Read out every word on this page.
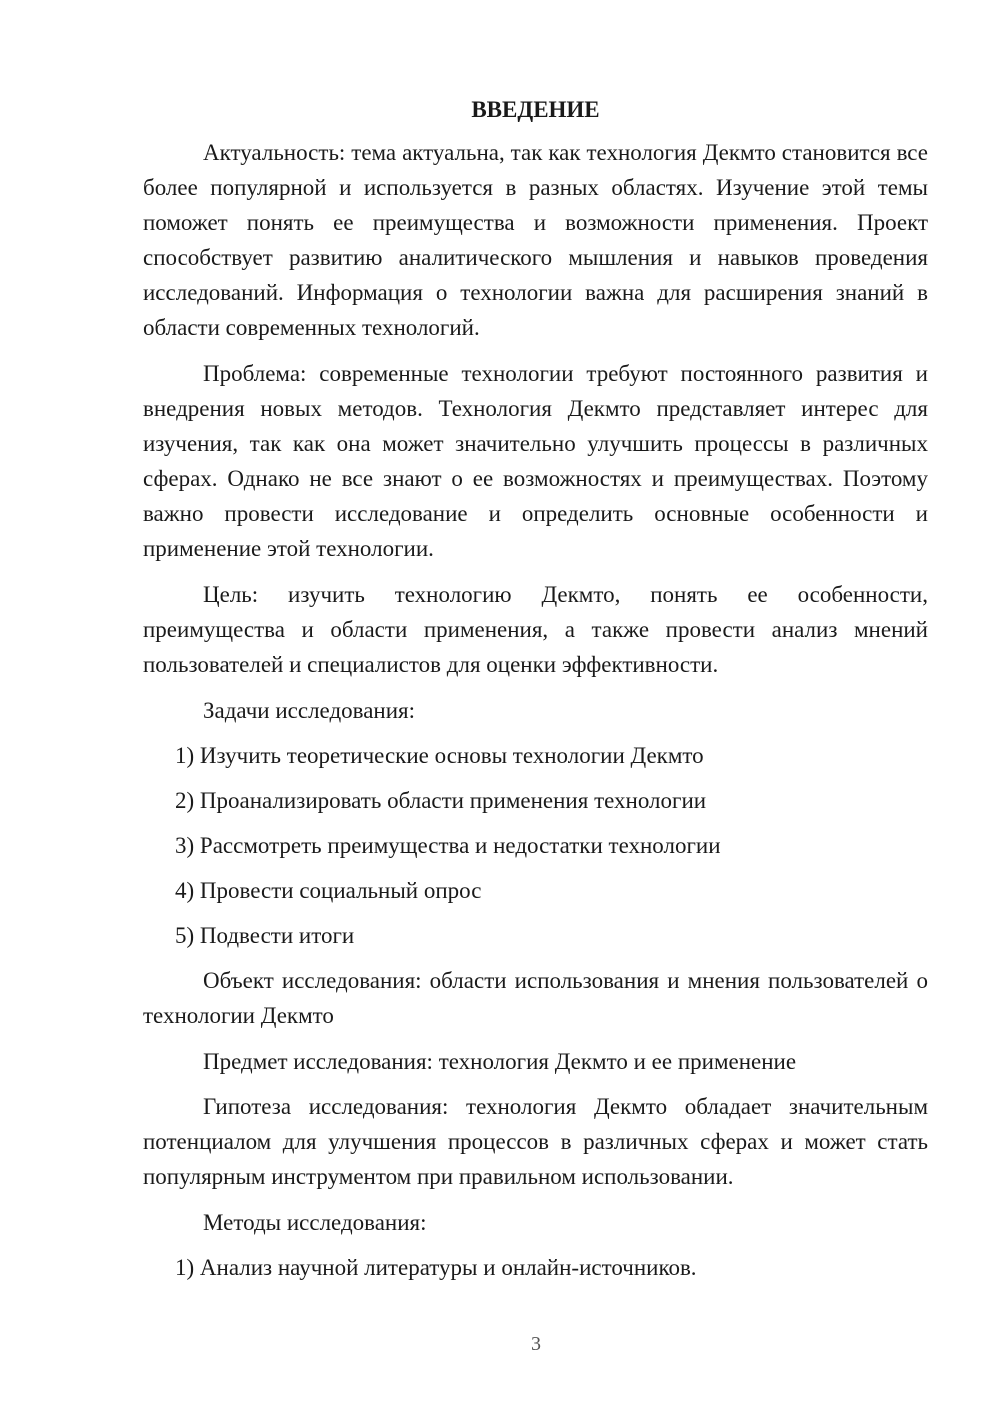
ВВЕДЕНИЕ

Актуальность: тема актуальна, так как технология Декмто становится все более популярной и используется в разных областях. Изучение этой темы поможет понять ее преимущества и возможности применения. Проект способствует развитию аналитического мышления и навыков проведения исследований. Информация о технологии важна для расширения знаний в области современных технологий.

Проблема: современные технологии требуют постоянного развития и внедрения новых методов. Технология Декмто представляет интерес для изучения, так как она может значительно улучшить процессы в различных сферах. Однако не все знают о ее возможностях и преимуществах. Поэтому важно провести исследование и определить основные особенности и применение этой технологии.

Цель: изучить технологию Декмто, понять ее особенности, преимущества и области применения, а также провести анализ мнений пользователей и специалистов для оценки эффективности.

Задачи исследования:

1) Изучить теоретические основы технологии Декмто

2) Проанализировать области применения технологии

3) Рассмотреть преимущества и недостатки технологии

4) Провести социальный опрос

5) Подвести итоги

Объект исследования: области использования и мнения пользователей о технологии Декмто

Предмет исследования: технология Декмто и ее применение

Гипотеза исследования: технология Декмто обладает значительным потенциалом для улучшения процессов в различных сферах и может стать популярным инструментом при правильном использовании.

Методы исследования:

1) Анализ научной литературы и онлайн-источников.

3
